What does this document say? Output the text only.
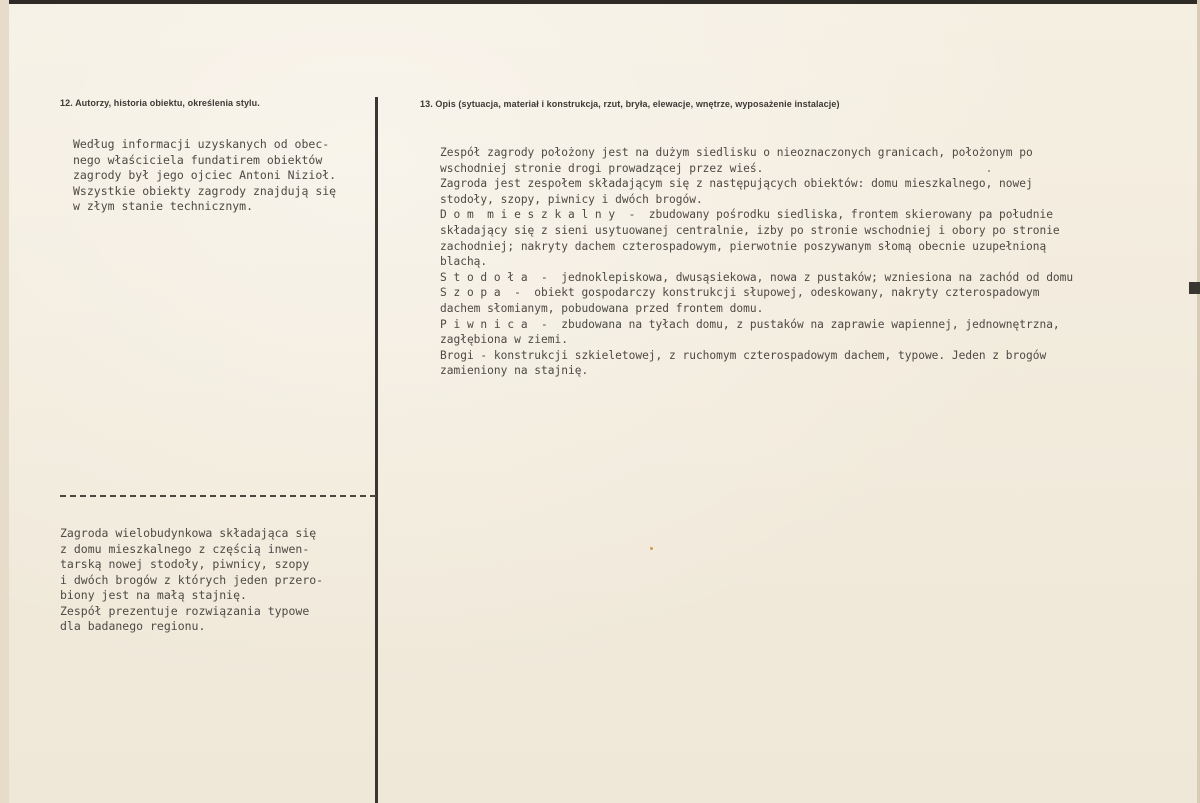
12. Autorzy, historia obiektu, określenia stylu.	13. Opis (sytuacja, materiał i konstrukcja, rzut, bryła, elewacje, wnętrze, wyposażenie instalacje)
Według informacji uzyskanych od obec-
nego właściciela fundatirem obiektów
zagrody był jego ojciec Antoni Nizioł.
Wszystkie obiekty zagrody znajdują się
w złym stanie technicznym.
Zagroda wielobudynkowa składająca się
z domu mieszkalnego z częścią inwen-
tarską nowej stodoły, piwnicy, szopy
i dwóch brogów z których jeden przero-
biony jest na małą stajnię.
Zespół prezentuje rozwiązania typowe
dla badanego regionu.
Zespół zagrody położony jest na dużym siedlisku o nieoznaczonych granicach, położonym po
wschodniej stronie drogi prowadzącej przez wieś.
Zagroda jest zespołem składającym się z następujących obiektów: domu mieszkalnego, nowej
stodoły, szopy, piwnicy i dwóch brogów.
D o m  m i e s z k a l n y  -  zbudowany pośrodku siedliska, frontem skierowany pa południe
składający się z sieni usytuowanej centralnie, izby po stronie wschodniej i obory po stronie
zachodniej; nakryty dachem czterospadowym, pierwotnie poszywanym słomą obecnie uzupełnioną
blachą.
S t o d o ł a  -  jednoklepiskowa, dwusąsiekowa, nowa z pustaków; wzniesiona na zachód od domu
S z o p a  -  obiekt gospodarczy konstrukcji słupowej, odeskowany, nakryty czterospadowym
dachem słomianym, pobudowana przed frontem domu.
P i w n i c a  -  zbudowana na tyłach domu, z pustaków na zaprawie wapiennej, jednownętrzna,
zagłębiona w ziemi.
Brogi - konstrukcji szkieletowej, z ruchomym czterospadowym dachem, typowe. Jeden z brogów
zamieniony na stajnię.
